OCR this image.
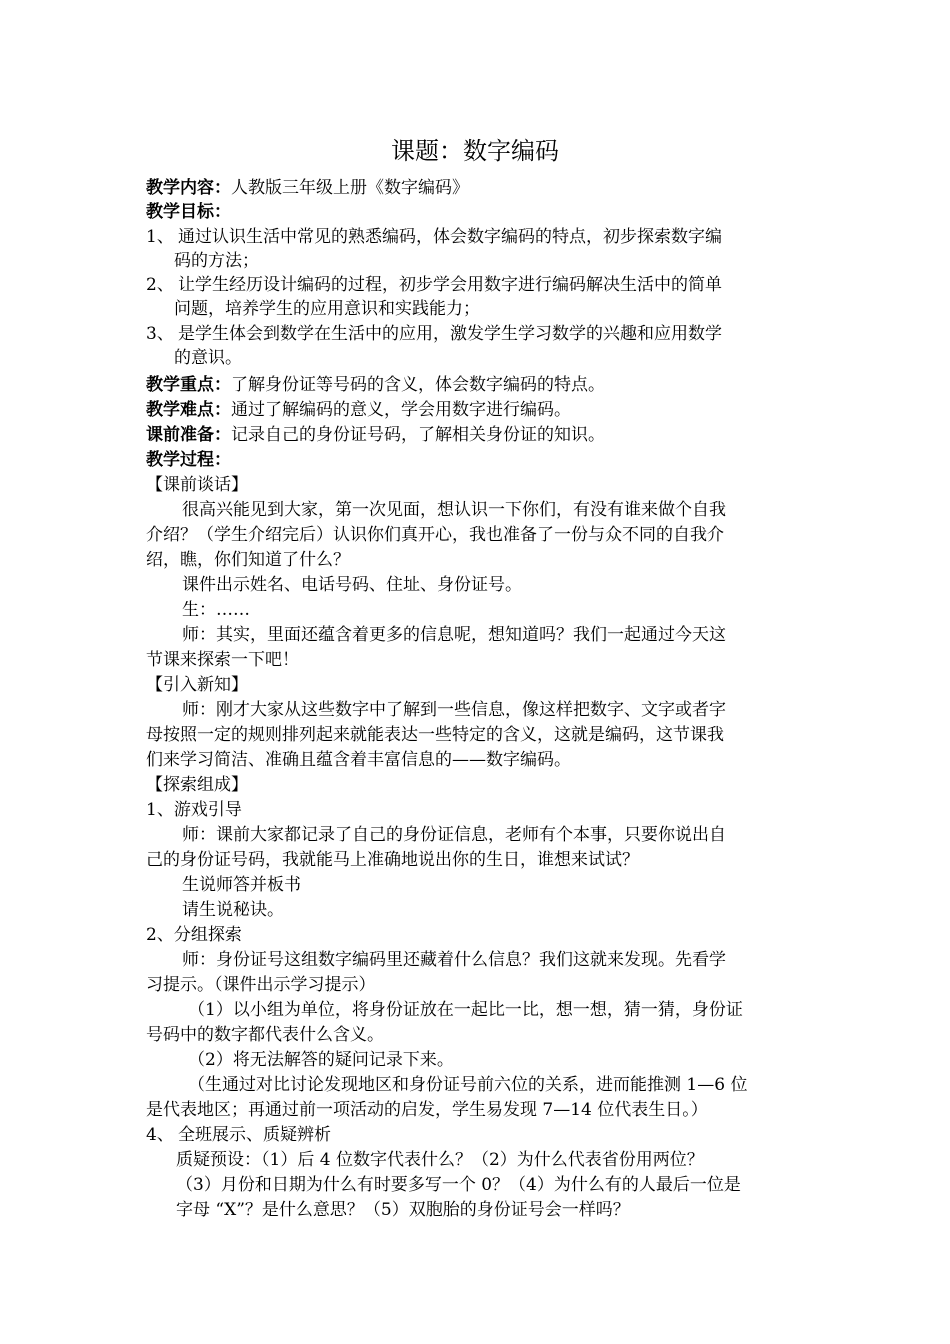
课题：数字编码
教学内容：人教版三年级上册《数字编码》
教学目标：
1、 通过认识生活中常见的熟悉编码，体会数字编码的特点，初步探索数字编
码的方法；
2、 让学生经历设计编码的过程，初步学会用数字进行编码解决生活中的简单
问题，培养学生的应用意识和实践能力；
3、 是学生体会到数学在生活中的应用，激发学生学习数学的兴趣和应用数学
的意识。
教学重点：了解身份证等号码的含义，体会数字编码的特点。
教学难点：通过了解编码的意义，学会用数字进行编码。
课前准备：记录自己的身份证号码，了解相关身份证的知识。
教学过程：
【课前谈话】
很高兴能见到大家，第一次见面，想认识一下你们，有没有谁来做个自我
介绍？（学生介绍完后）认识你们真开心，我也准备了一份与众不同的自我介
绍，瞧，你们知道了什么？
课件出示姓名、电话号码、住址、身份证号。
生：……
师：其实，里面还蕴含着更多的信息呢，想知道吗？我们一起通过今天这
节课来探索一下吧！
【引入新知】
师：刚才大家从这些数字中了解到一些信息，像这样把数字、文字或者字
母按照一定的规则排列起来就能表达一些特定的含义，这就是编码，这节课我
们来学习简洁、准确且蕴含着丰富信息的——数字编码。
【探索组成】
1、游戏引导
师：课前大家都记录了自己的身份证信息，老师有个本事，只要你说出自
己的身份证号码，我就能马上准确地说出你的生日，谁想来试试？
生说师答并板书
请生说秘诀。
2、分组探索
师：身份证号这组数字编码里还藏着什么信息？我们这就来发现。先看学
习提示。（课件出示学习提示）
（1）以小组为单位，将身份证放在一起比一比，想一想，猜一猜，身份证
号码中的数字都代表什么含义。
（2）将无法解答的疑问记录下来。
（生通过对比讨论发现地区和身份证号前六位的关系，进而能推测 1—6 位
是代表地区；再通过前一项活动的启发，学生易发现 7—14 位代表生日。）
4、 全班展示、质疑辨析
质疑预设：（1）后 4 位数字代表什么？（2）为什么代表省份用两位？
（3）月份和日期为什么有时要多写一个 0？（4）为什么有的人最后一位是
字母 “X”？是什么意思？（5）双胞胎的身份证号会一样吗？
